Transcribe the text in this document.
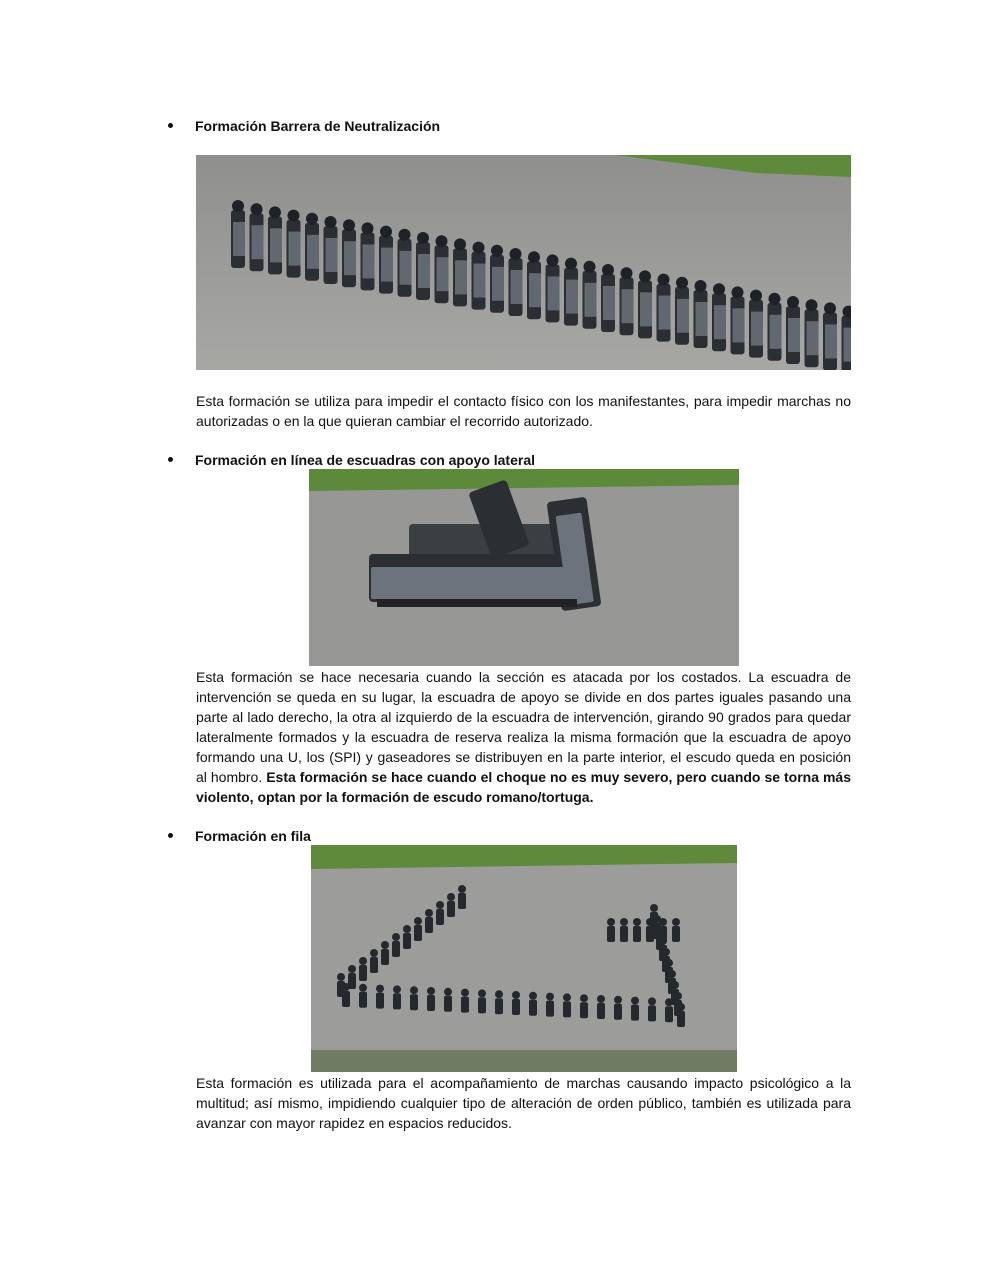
Formación Barrera de Neutralización

Esta formación se utiliza para impedir el contacto físico con los manifestantes, para impedir marchas no autorizadas o en la que quieran cambiar el recorrido autorizado.

Formación en línea de escuadras con apoyo lateral

Esta formación se hace necesaria cuando la sección es atacada por los costados. La escuadra de intervención se queda en su lugar, la escuadra de apoyo se divide en dos partes iguales pasando una parte al lado derecho, la otra al izquierdo de la escuadra de intervención, girando 90 grados para quedar lateralmente formados y la escuadra de reserva realiza la misma formación que la escuadra de apoyo formando una U, los (SPI) y gaseadores se distribuyen en la parte interior, el escudo queda en posición al hombro. Esta formación se hace cuando el choque no es muy severo, pero cuando se torna más violento, optan por la formación de escudo romano/tortuga.

Formación en fila

Esta formación es utilizada para el acompañamiento de marchas causando impacto psicológico a la multitud; así mismo, impidiendo cualquier tipo de alteración de orden público, también es utilizada para avanzar con mayor rapidez en espacios reducidos.
